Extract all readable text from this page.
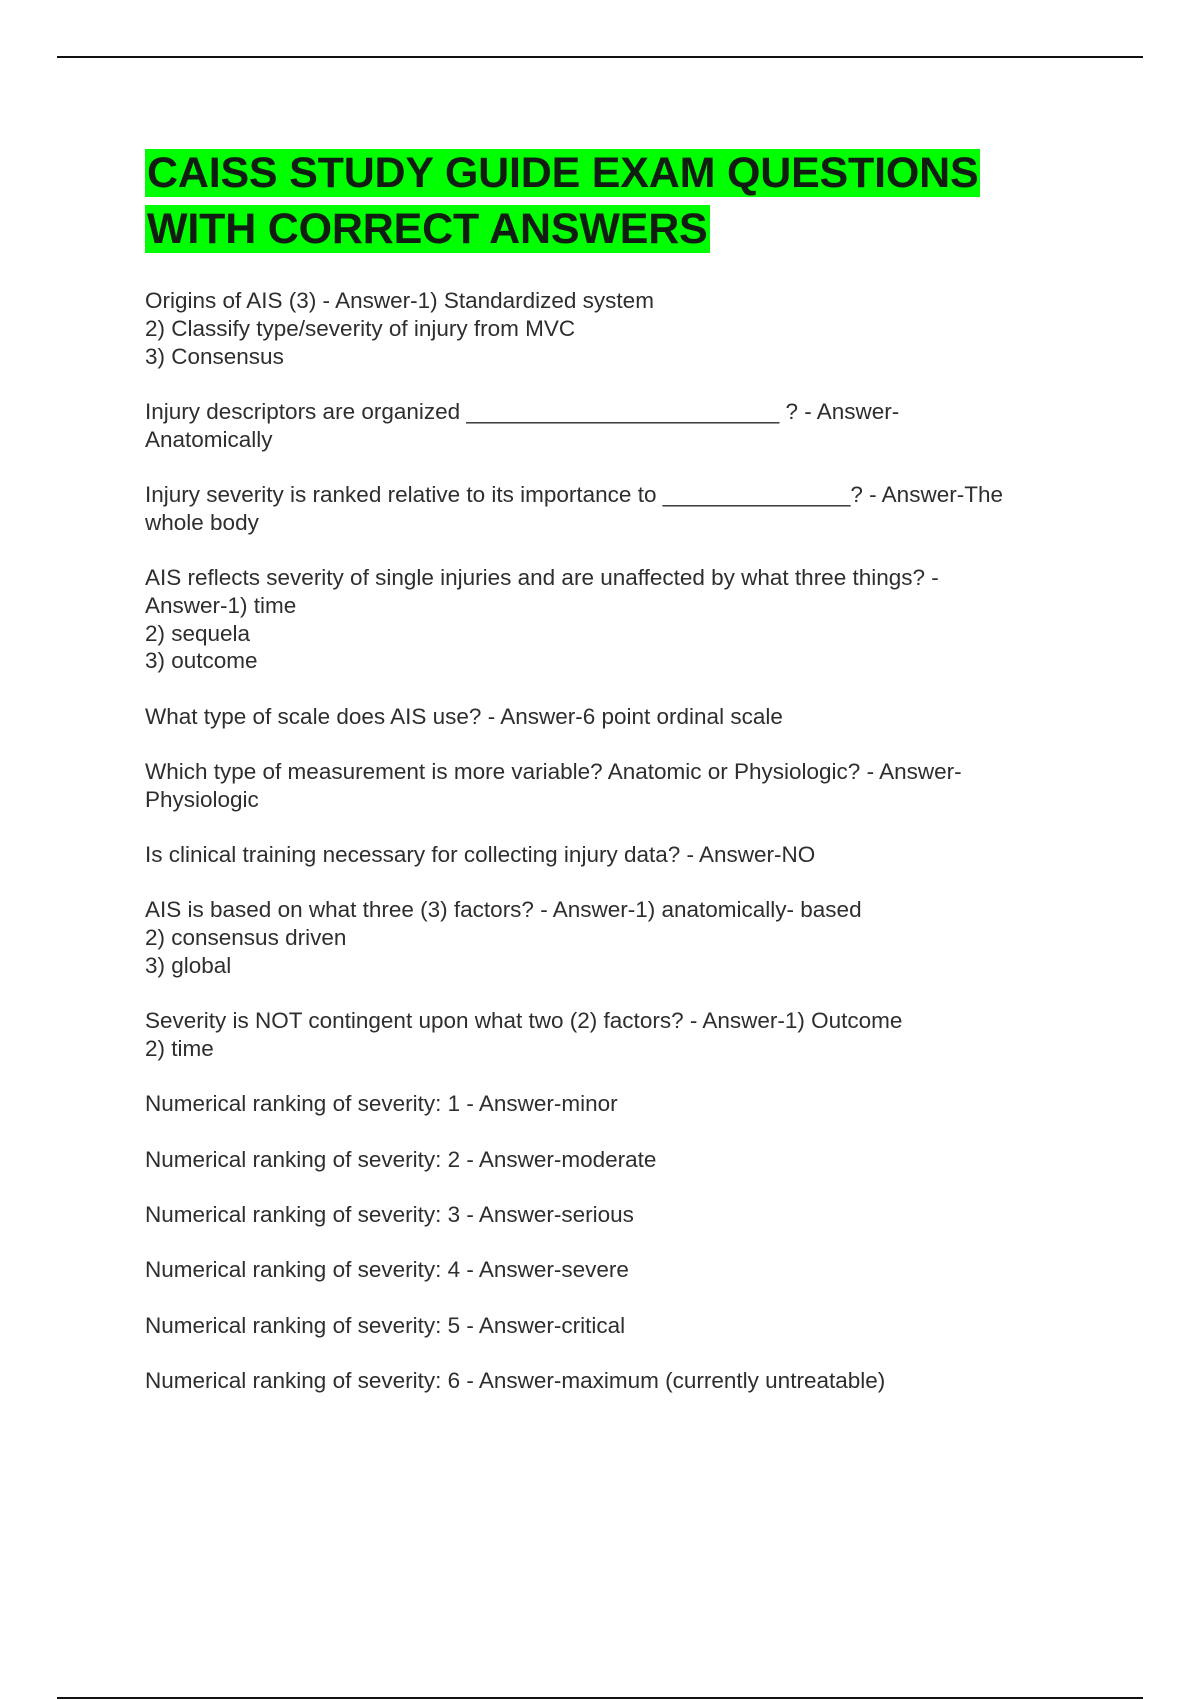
CAISS STUDY GUIDE EXAM QUESTIONS
WITH CORRECT ANSWERS

Origins of AIS (3) - Answer-1) Standardized system
2) Classify type/severity of injury from MVC
3) Consensus

Injury descriptors are organized _________________________ ? - Answer-
Anatomically

Injury severity is ranked relative to its importance to _______________? - Answer-The
whole body

AIS reflects severity of single injuries and are unaffected by what three things? -
Answer-1) time
2) sequela
3) outcome

What type of scale does AIS use? - Answer-6 point ordinal scale

Which type of measurement is more variable? Anatomic or Physiologic? - Answer-
Physiologic

Is clinical training necessary for collecting injury data? - Answer-NO

AIS is based on what three (3) factors? - Answer-1) anatomically- based
2) consensus driven
3) global

Severity is NOT contingent upon what two (2) factors? - Answer-1) Outcome
2) time

Numerical ranking of severity: 1 - Answer-minor

Numerical ranking of severity: 2 - Answer-moderate

Numerical ranking of severity: 3 - Answer-serious

Numerical ranking of severity: 4 - Answer-severe

Numerical ranking of severity: 5 - Answer-critical

Numerical ranking of severity: 6 - Answer-maximum (currently untreatable)
